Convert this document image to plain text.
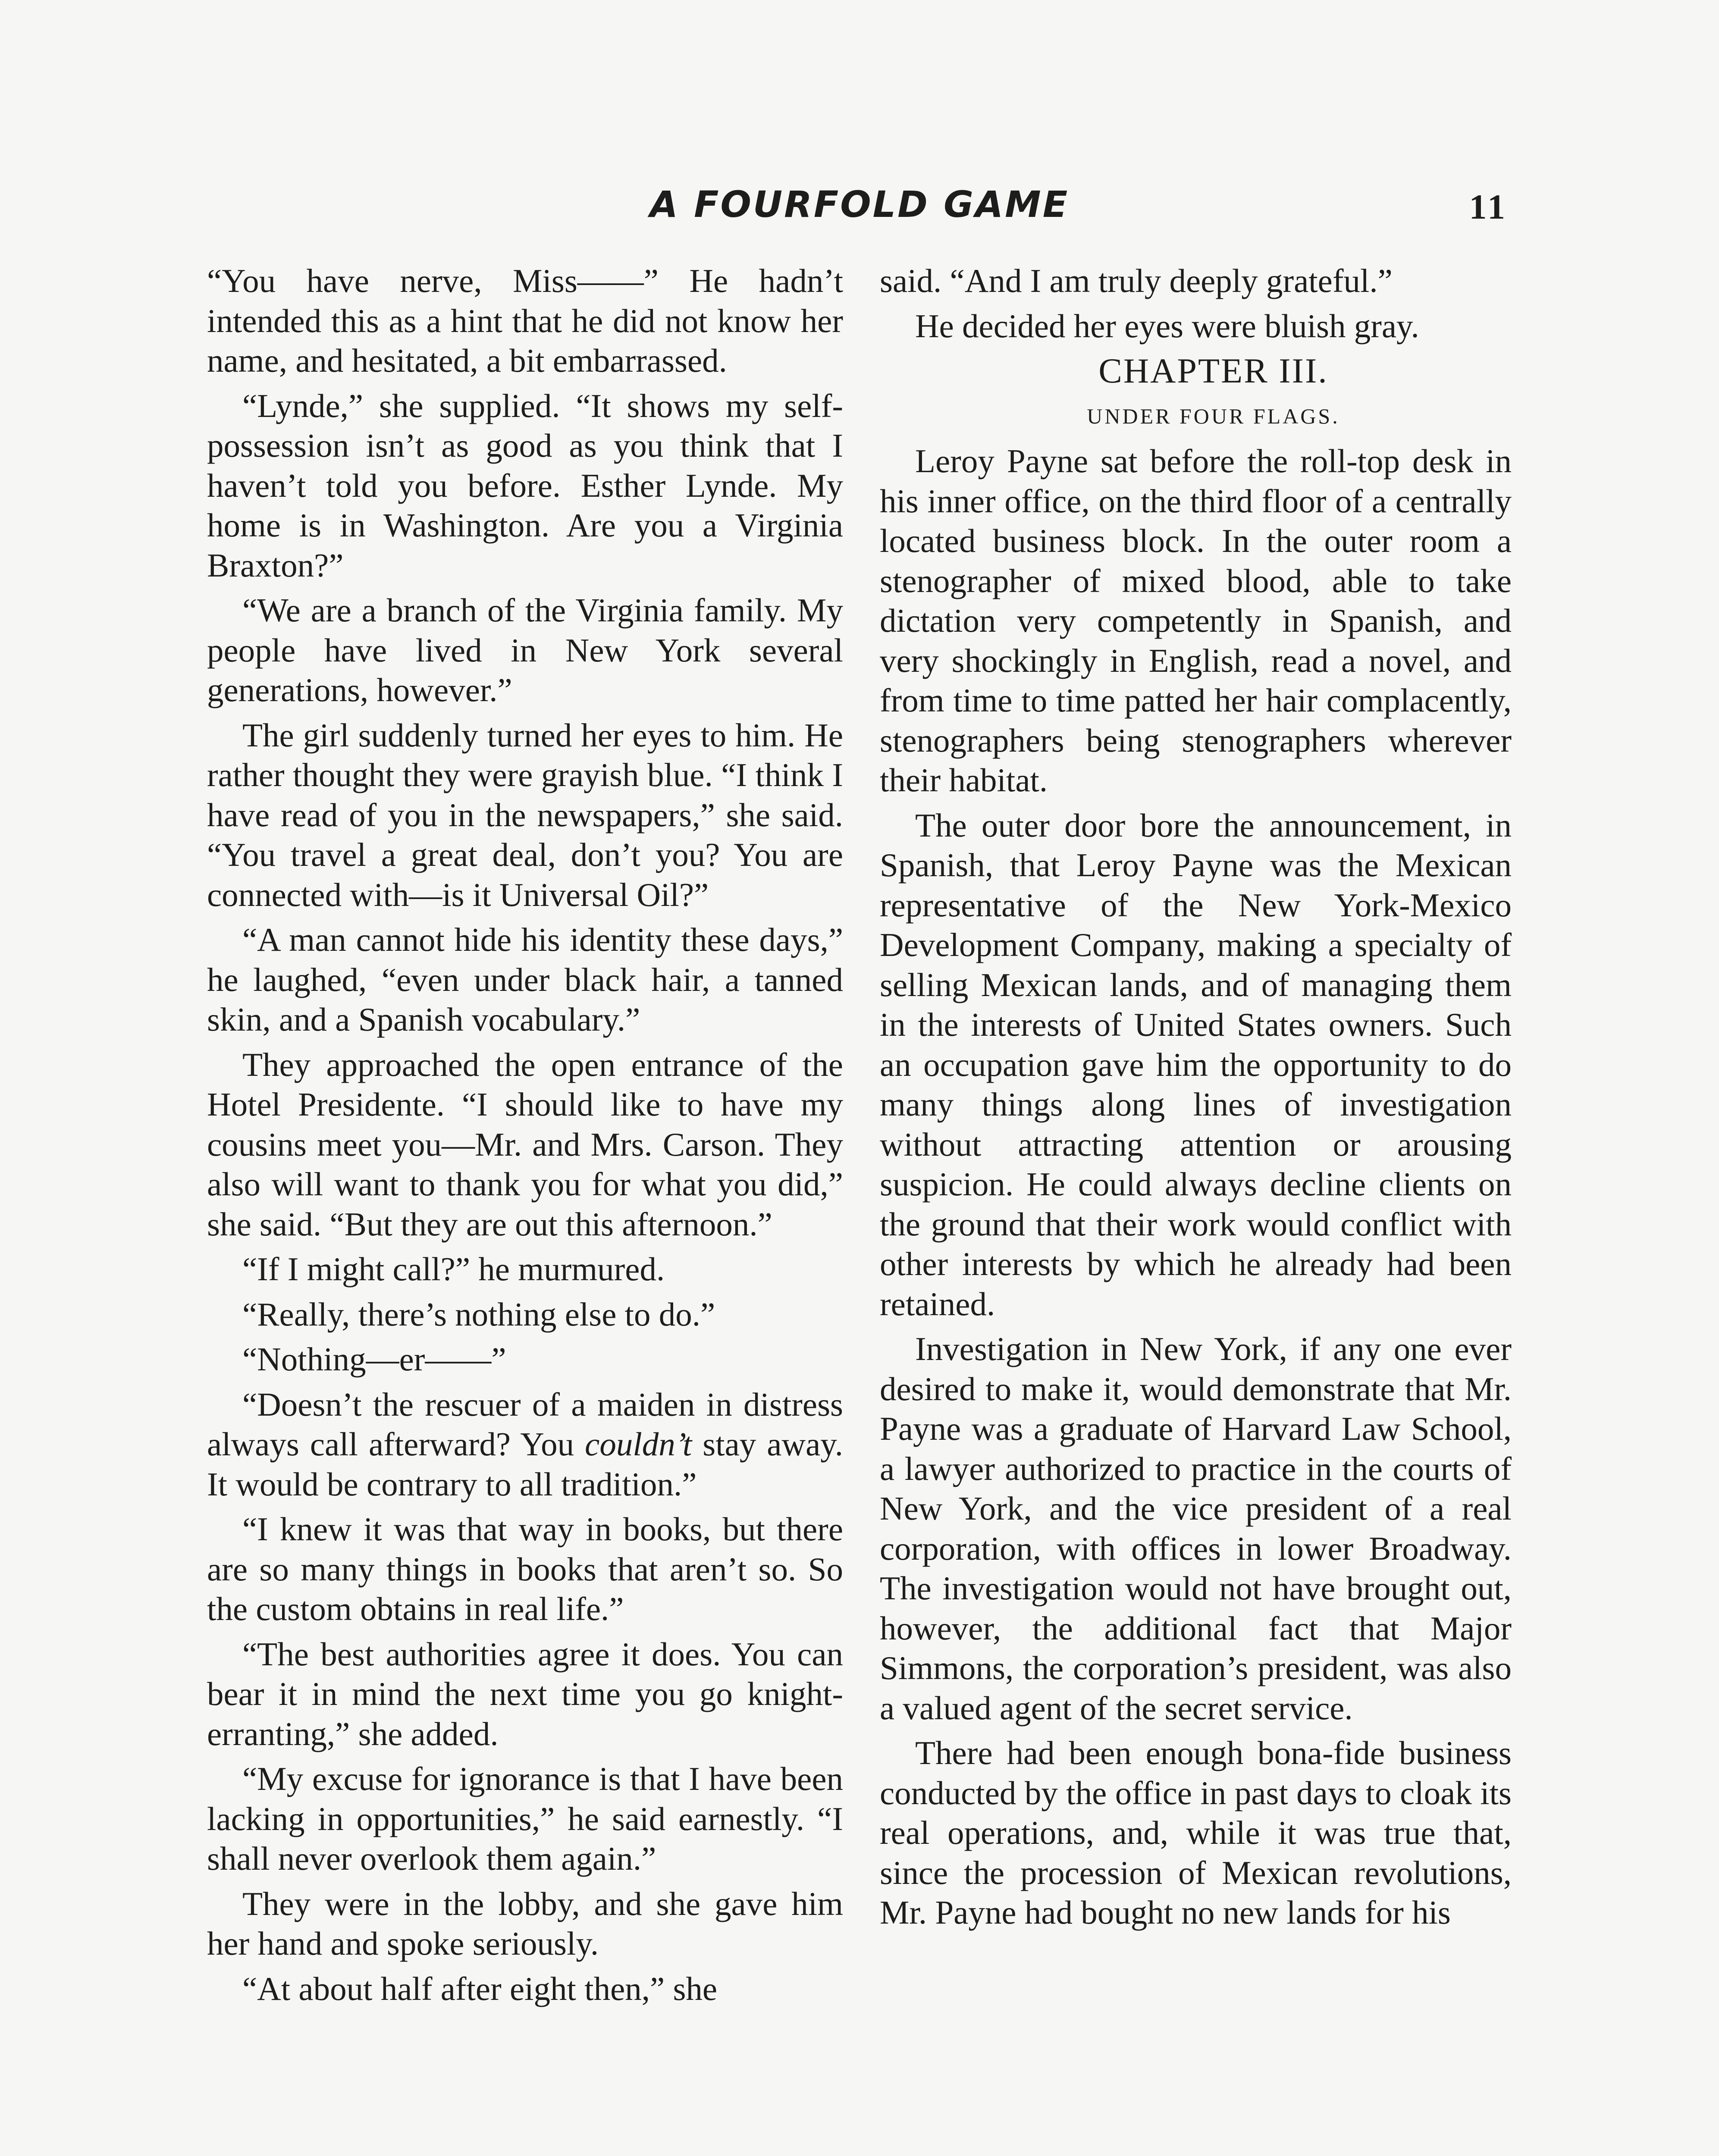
A FOURFOLD GAME	11

“You have nerve, Miss——” He hadn’t intended this as a hint that he did not know her name, and hesitated, a bit embarrassed.

“Lynde,” she supplied. “It shows my self-possession isn’t as good as you think that I haven’t told you before. Esther Lynde. My home is in Washington. Are you a Virginia Braxton?”

“We are a branch of the Virginia family. My people have lived in New York several generations, however.”

The girl suddenly turned her eyes to him. He rather thought they were grayish blue. “I think I have read of you in the newspapers,” she said. “You travel a great deal, don’t you? You are connected with—is it Universal Oil?”

“A man cannot hide his identity these days,” he laughed, “even under black hair, a tanned skin, and a Spanish vocabulary.”

They approached the open entrance of the Hotel Presidente. “I should like to have my cousins meet you—Mr. and Mrs. Carson. They also will want to thank you for what you did,” she said. “But they are out this afternoon.”

“If I might call?” he murmured.

“Really, there’s nothing else to do.”

“Nothing—er——”

“Doesn’t the rescuer of a maiden in distress always call afterward? You couldn’t stay away. It would be contrary to all tradition.”

“I knew it was that way in books, but there are so many things in books that aren’t so. So the custom obtains in real life.”

“The best authorities agree it does. You can bear it in mind the next time you go knight-erranting,” she added.

“My excuse for ignorance is that I have been lacking in opportunities,” he said earnestly. “I shall never overlook them again.”

They were in the lobby, and she gave him her hand and spoke seriously.

“At about half after eight then,” she

said. “And I am truly deeply grateful.”

He decided her eyes were bluish gray.

CHAPTER III.

UNDER FOUR FLAGS.

Leroy Payne sat before the roll-top desk in his inner office, on the third floor of a centrally located business block. In the outer room a stenographer of mixed blood, able to take dictation very competently in Spanish, and very shockingly in English, read a novel, and from time to time patted her hair complacently, stenographers being stenographers wherever their habitat.

The outer door bore the announcement, in Spanish, that Leroy Payne was the Mexican representative of the New York-Mexico Development Company, making a specialty of selling Mexican lands, and of managing them in the interests of United States owners. Such an occupation gave him the opportunity to do many things along lines of investigation without attracting attention or arousing suspicion. He could always decline clients on the ground that their work would conflict with other interests by which he already had been retained.

Investigation in New York, if any one ever desired to make it, would demonstrate that Mr. Payne was a graduate of Harvard Law School, a lawyer authorized to practice in the courts of New York, and the vice president of a real corporation, with offices in lower Broadway. The investigation would not have brought out, however, the additional fact that Major Simmons, the corporation’s president, was also a valued agent of the secret service.

There had been enough bona-fide business conducted by the office in past days to cloak its real operations, and, while it was true that, since the procession of Mexican revolutions, Mr. Payne had bought no new lands for his
